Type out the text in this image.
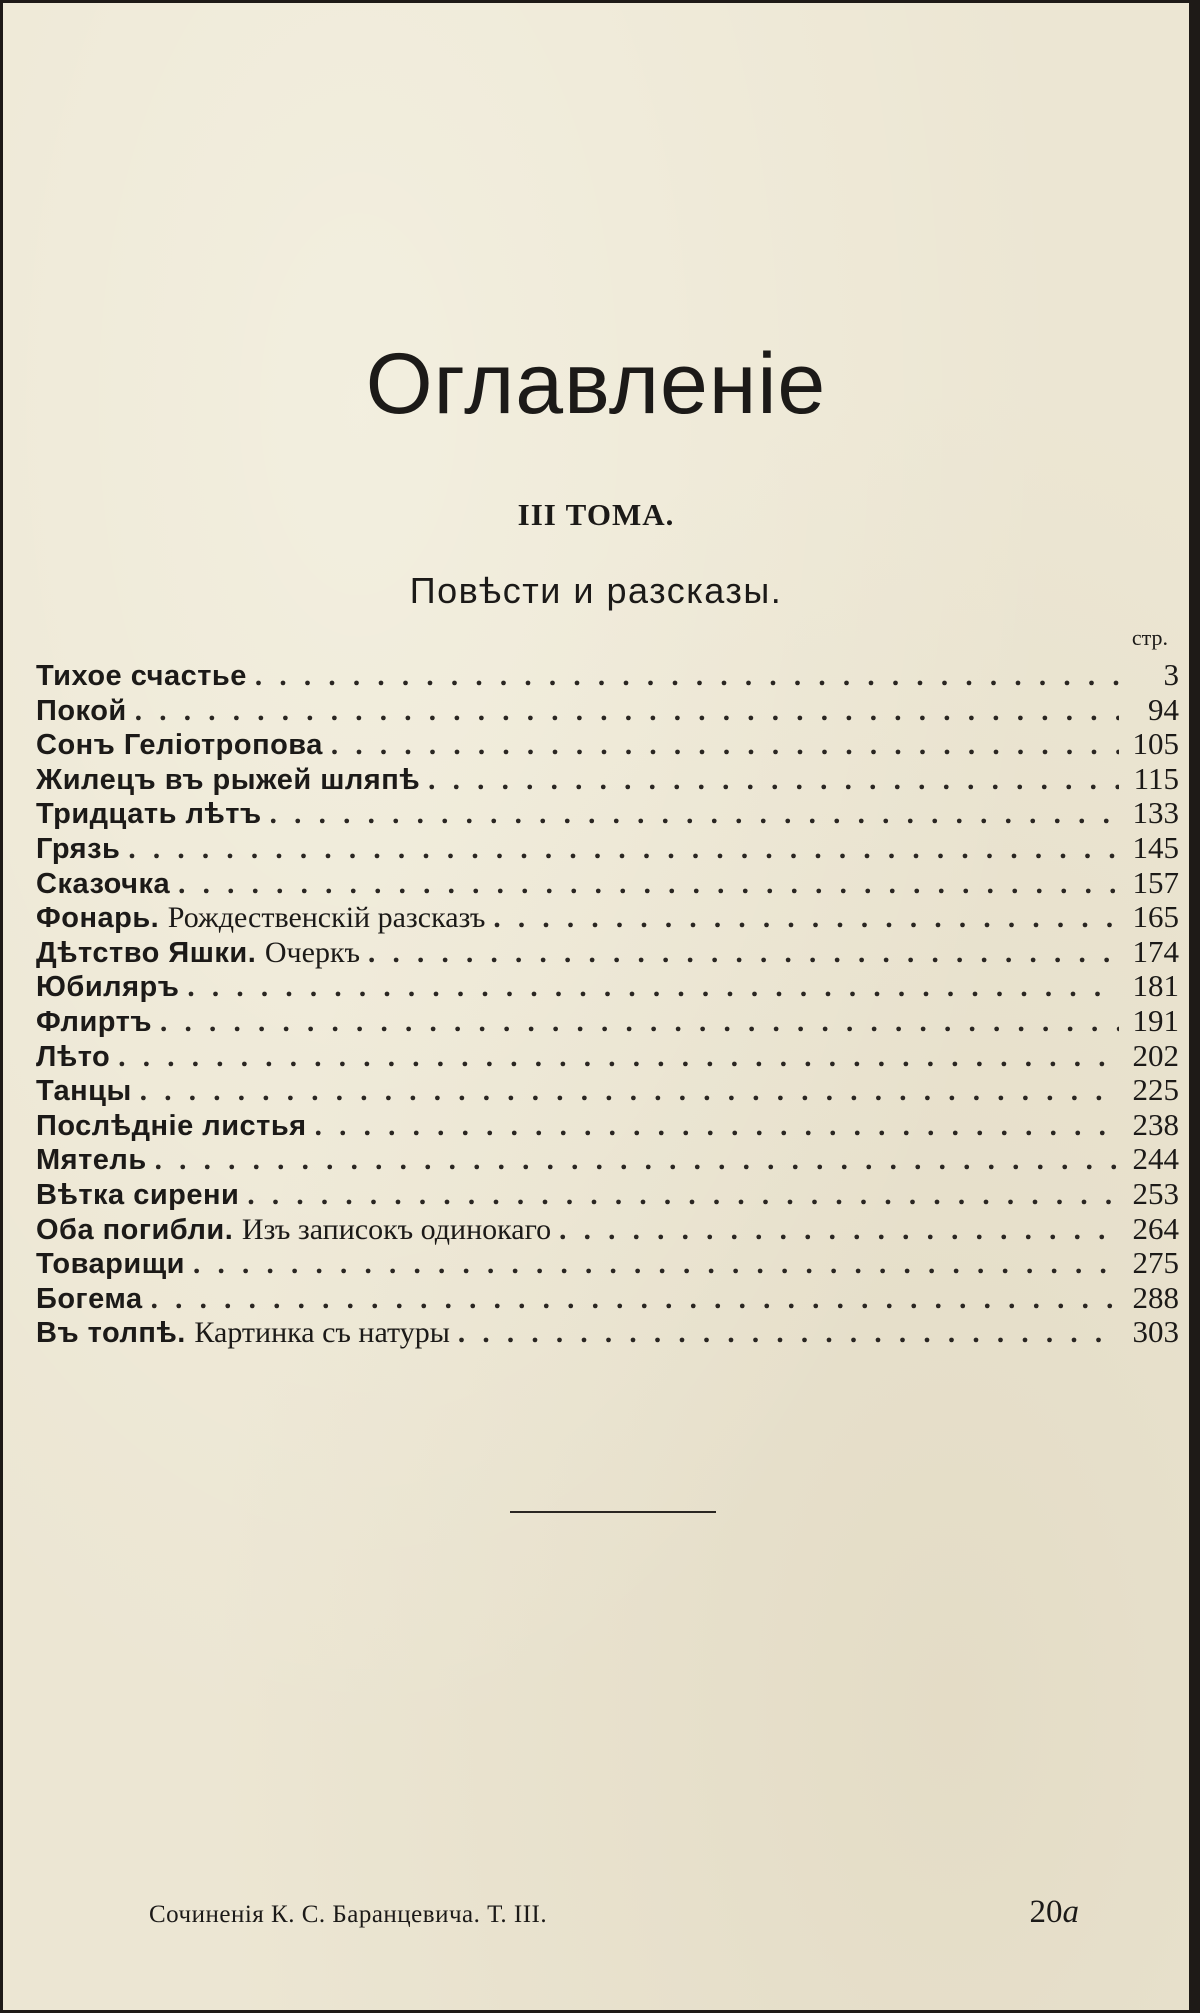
Оглавленіе
III ТОМА.
Повѣсти и разсказы.
стр.
Тихое счастье . . .	3
Покой . . .	94
Сонъ Геліотропова . . .	105
Жилецъ въ рыжей шляпѣ . . .	115
Тридцать лѣтъ . . .	133
Грязь . . .	145
Сказочка . . .	157
Фонарь. Рождественскій разсказъ . . .	165
Дѣтство Яшки. Очеркъ . . .	174
Юбиляръ . . .	181
Флиртъ . . .	191
Лѣто . . .	202
Танцы . . .	225
Послѣдніе листья . . .	238
Мятель . . .	244
Вѣтка сирени . . .	253
Оба погибли. Изъ записокъ одинокаго . . .	264
Товарищи . . .	275
Богема . . .	288
Въ толпѣ. Картинка съ натуры . . .	303
Сочиненія К. С. Баранцевича. Т. III.	20a
